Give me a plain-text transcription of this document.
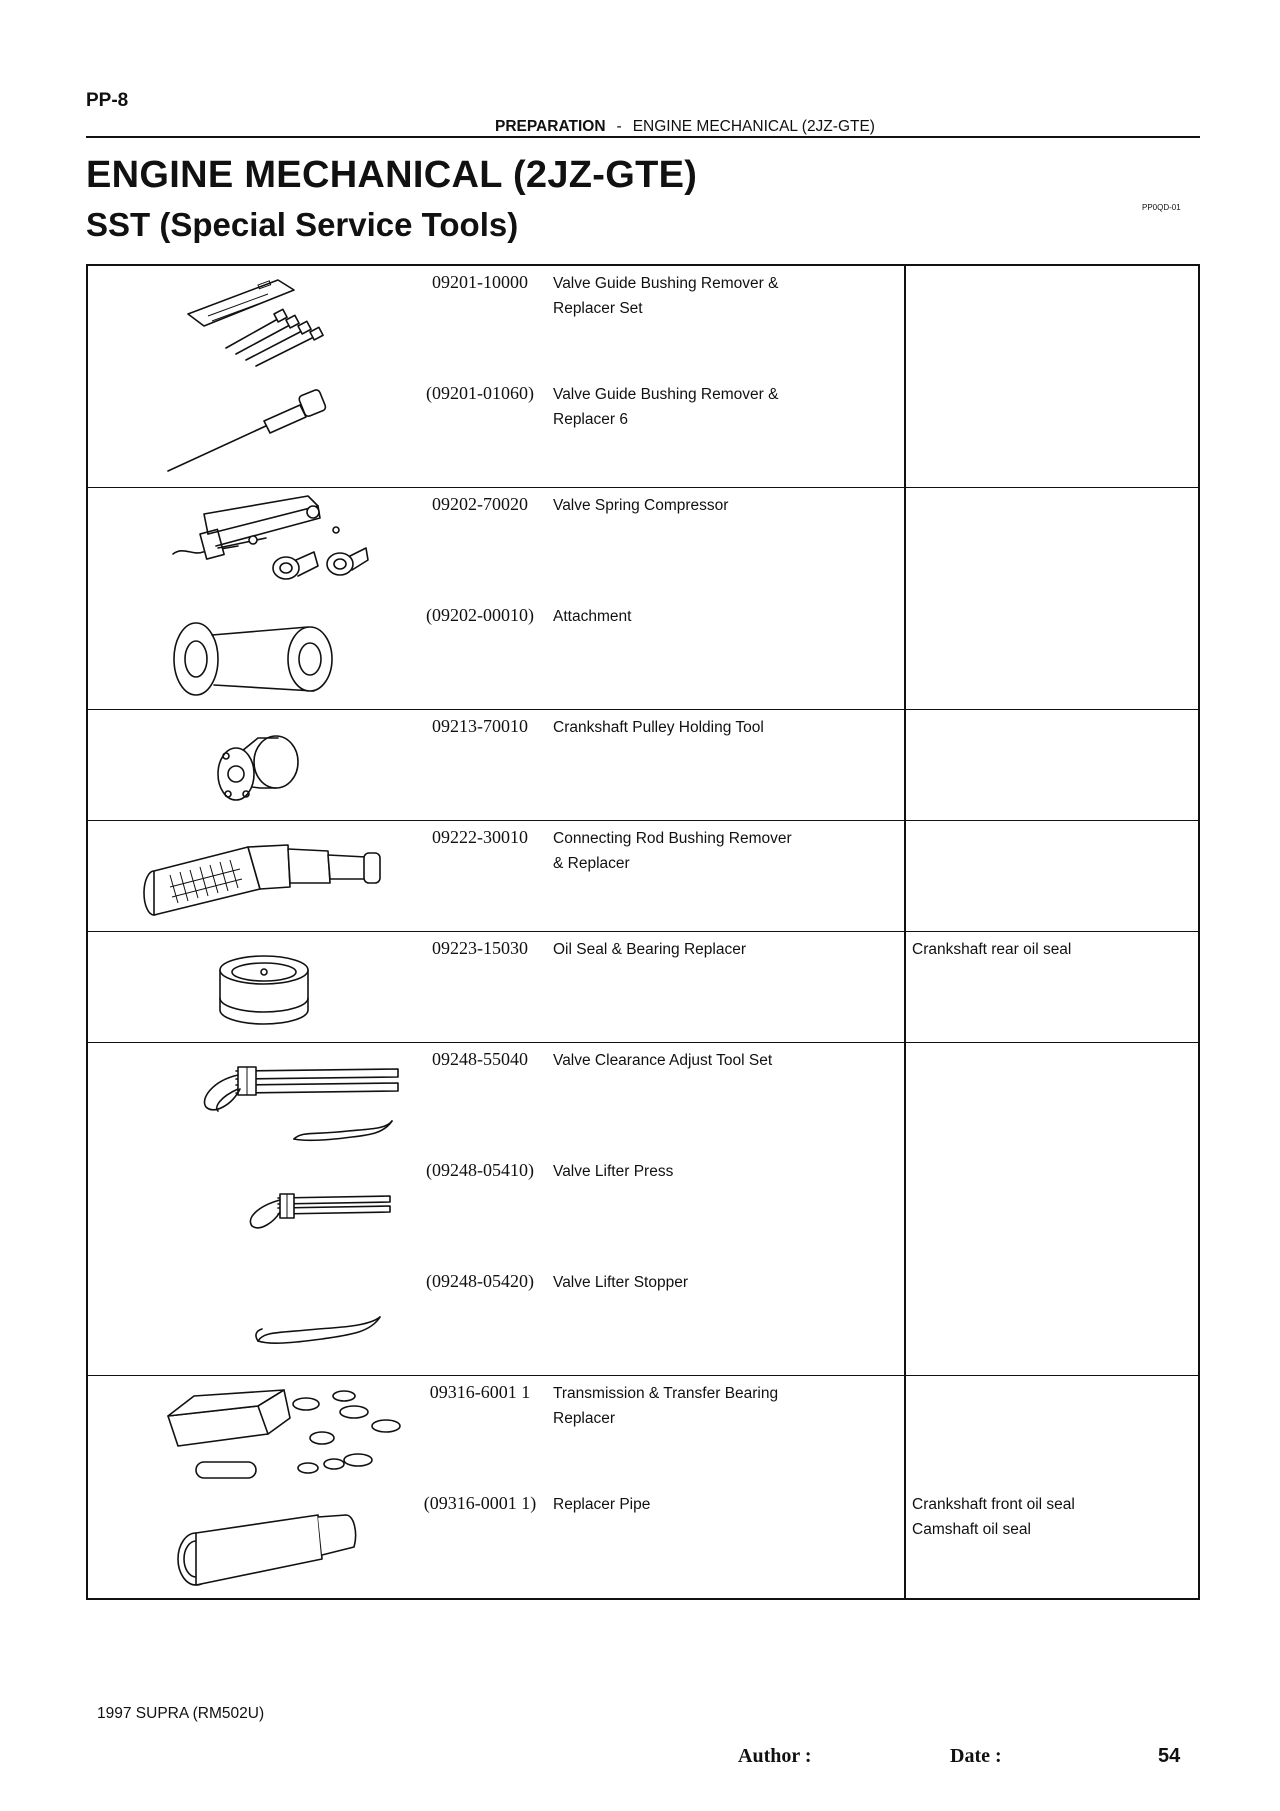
PP-8
PREPARATION - ENGINE MECHANICAL (2JZ-GTE)
ENGINE MECHANICAL (2JZ-GTE)
SST (Special Service Tools)	PP0QD-01
09201-10000	Valve Guide Bushing Remover &
Replacer Set
(09201-01060)	Valve Guide Bushing Remover &
Replacer 6
09202-70020	Valve Spring Compressor
(09202-00010)	Attachment
09213-70010	Crankshaft Pulley Holding Tool
09222-30010	Connecting Rod Bushing Remover
& Replacer
09223-15030	Oil Seal & Bearing Replacer	Crankshaft rear oil seal
09248-55040	Valve Clearance Adjust Tool Set
(09248-05410)	Valve Lifter Press
(09248-05420)	Valve Lifter Stopper
09316-6001 1	Transmission & Transfer Bearing
Replacer
(09316-0001 1)	Replacer Pipe	Crankshaft front oil seal
Camshaft oil seal
1997 SUPRA (RM502U)
Author :	Date :	54
